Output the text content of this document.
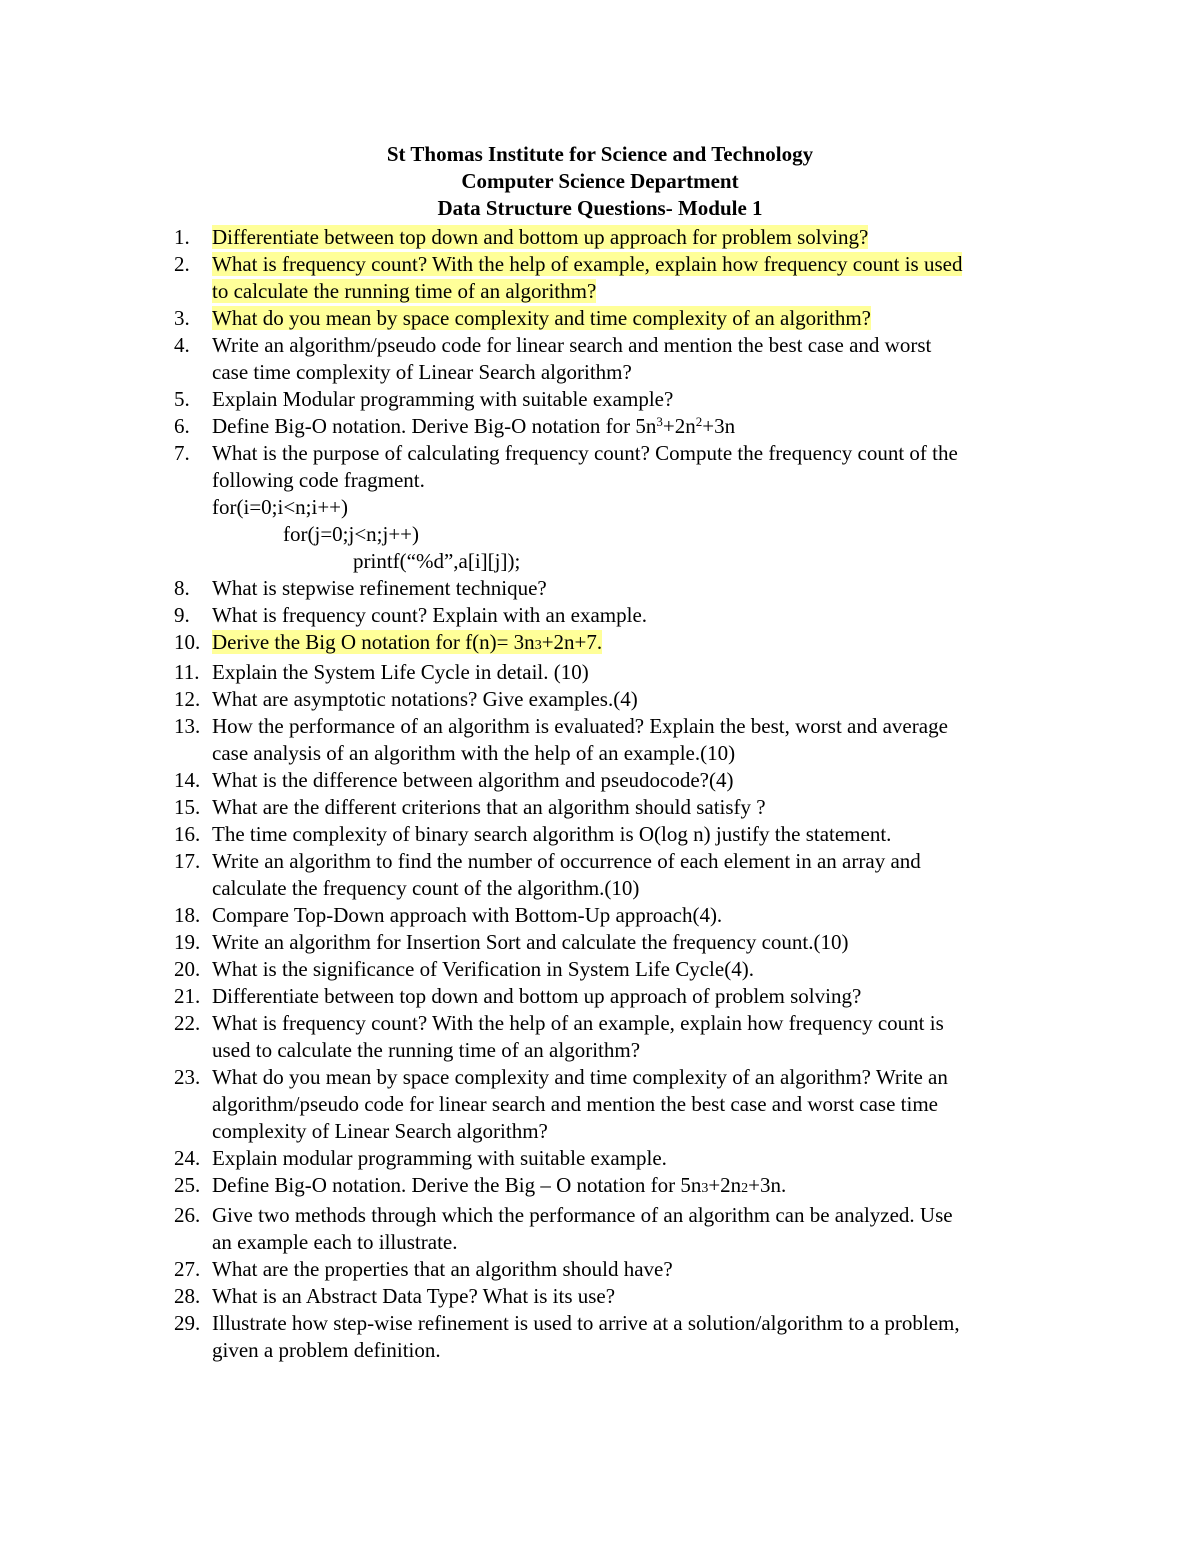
St Thomas Institute for Science and Technology
Computer Science Department
Data Structure Questions- Module 1
1.	Differentiate between top down and bottom up approach for problem solving?
2.	What is frequency count? With the help of example, explain how frequency count is used
to calculate the running time of an algorithm?
3.	What do you mean by space complexity and time complexity of an algorithm?
4.	Write an algorithm/pseudo code for linear search and mention the best case and worst
case time complexity of Linear Search algorithm?
5.	Explain Modular programming with suitable example?
6.	Define Big-O notation. Derive Big-O notation for $5n^3+2n^2+3n$
7.	What is the purpose of calculating frequency count? Compute the frequency count of the
following code fragment.
for(i=0;i<n;i++)
for(j=0;j<n;j++)
printf(“%d”,a[i][j]);
8.	What is stepwise refinement technique?
9.	What is frequency count? Explain with an example.
10. Derive the Big O notation for f(n)= 3n3+2n+7.
11. Explain the System Life Cycle in detail. (10)
12. What are asymptotic notations? Give examples.(4)
13. How the performance of an algorithm is evaluated? Explain the best, worst and average
case analysis of an algorithm with the help of an example.(10)
14. What is the difference between algorithm and pseudocode?(4)
15. What are the different criterions that an algorithm should satisfy ?
16. The time complexity of binary search algorithm is O(log n) justify the statement.
17. Write an algorithm to find the number of occurrence of each element in an array and
calculate the frequency count of the algorithm.(10)
18. Compare Top-Down approach with Bottom-Up approach(4).
19. Write an algorithm for Insertion Sort and calculate the frequency count.(10)
20. What is the significance of Verification in System Life Cycle(4).
21. Differentiate between top down and bottom up approach of problem solving?
22. What is frequency count? With the help of an example, explain how frequency count is
used to calculate the running time of an algorithm?
23. What do you mean by space complexity and time complexity of an algorithm? Write an
algorithm/pseudo code for linear search and mention the best case and worst case time
complexity of Linear Search algorithm?
24. Explain modular programming with suitable example.
25. Define Big-O notation. Derive the Big – O notation for 5n3+2n2+3n.
26. Give two methods through which the performance of an algorithm can be analyzed. Use
an example each to illustrate.
27. What are the properties that an algorithm should have?
28. What is an Abstract Data Type? What is its use?
29. Illustrate how step-wise refinement is used to arrive at a solution/algorithm to a problem,
given a problem definition.
